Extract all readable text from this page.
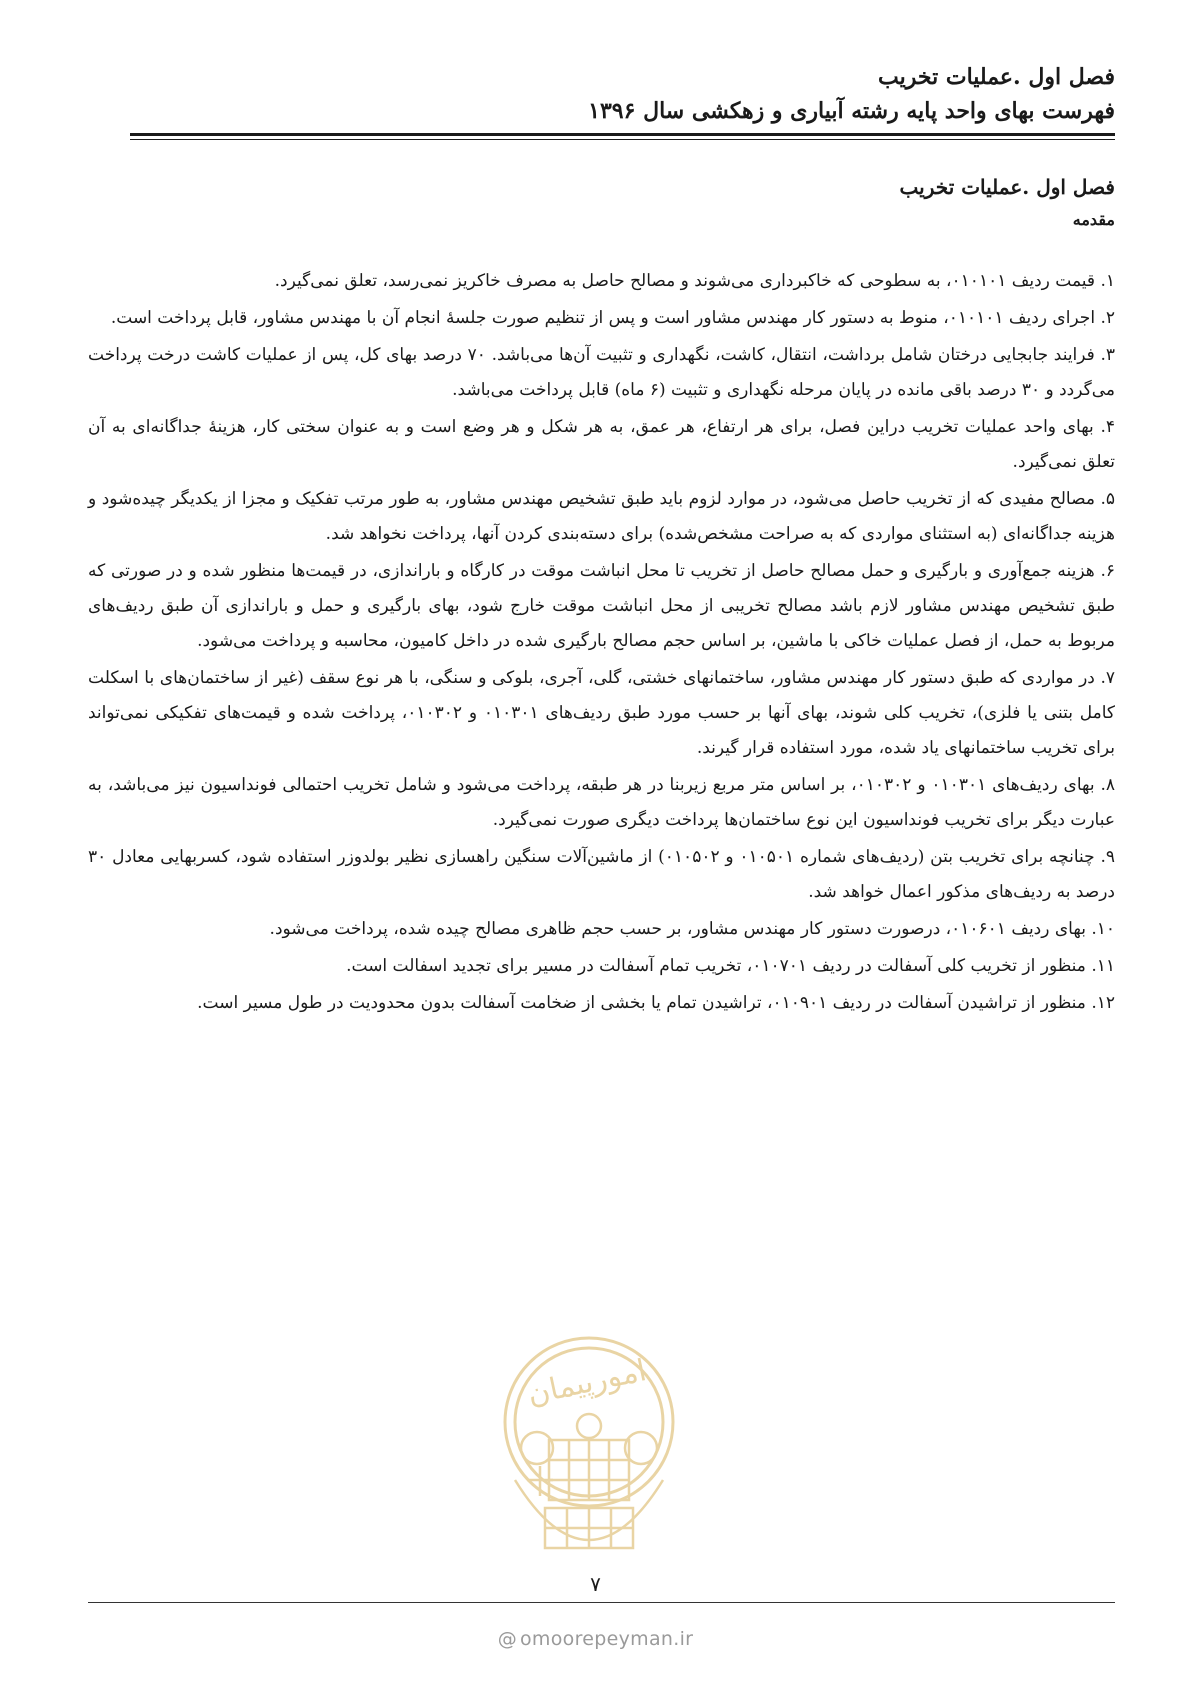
فصل اول .عملیات تخریب
فهرست بهای واحد پایه رشته آبیاری و زهکشی سال ۱۳۹۶
فصل اول .عملیات تخریب
مقدمه

۱. قیمت ردیف ۰۱۰۱۰۱، به سطوحی که خاکبرداری می‌شوند و مصالح حاصل به مصرف خاکریز نمی‌رسد، تعلق نمی‌گیرد.

۲. اجرای ردیف ۰۱۰۱۰۱، منوط به دستور کار مهندس مشاور است و پس از تنظیم صورت جلسهٔ انجام آن با مهندس مشاور، قابل پرداخت است.

۳. فرایند جابجایی درختان شامل برداشت، انتقال، کاشت، نگهداری و تثبیت آن‌ها می‌باشد. ۷۰ درصد بهای کل، پس از عملیات کاشت درخت پرداخت می‌گردد و ۳۰ درصد باقی مانده در پایان مرحله نگهداری و تثبیت (۶ ماه) قابل پرداخت می‌باشد.

۴. بهای واحد عملیات تخریب دراین فصل، برای هر ارتفاع، هر عمق، به هر شکل و هر وضع است و به عنوان سختی کار، هزینهٔ جداگانه‌ای به آن تعلق نمی‌گیرد.

۵. مصالح مفیدی که از تخریب حاصل می‌شود، در موارد لزوم باید طبق تشخیص مهندس مشاور، به طور مرتب تفکیک و مجزا از یکدیگر چیده‌شود و هزینه جداگانه‌ای (به استثنای مواردی که به صراحت مشخص‌شده) برای دسته‌بندی کردن آنها، پرداخت نخواهد شد.

۶. هزینه جمع‌آوری و بارگیری و حمل مصالح حاصل از تخریب تا محل انباشت موقت در کارگاه و باراندازی، در قیمت‌ها منظور شده و در صورتی که طبق تشخیص مهندس مشاور لازم باشد مصالح تخریبی از محل انباشت موقت خارج شود، بهای بارگیری و حمل و باراندازی آن طبق ردیف‌های مربوط به حمل، از فصل عملیات خاکی با ماشین، بر اساس حجم مصالح بارگیری شده در داخل کامیون، محاسبه و پرداخت می‌شود.

۷. در مواردی که طبق دستور کار مهندس مشاور، ساختمانهای خشتی، گلی، آجری، بلوکی و سنگی، با هر نوع سقف (غیر از ساختمان‌های با اسکلت کامل بتنی یا فلزی)، تخریب کلی شوند، بهای آنها بر حسب مورد طبق ردیف‌های ۰۱۰۳۰۱ و ۰۱۰۳۰۲، پرداخت شده و قیمت‌های تفکیکی نمی‌تواند برای تخریب ساختمانهای یاد شده، مورد استفاده قرار گیرند.

۸. بهای ردیف‌های ۰۱۰۳۰۱ و ۰۱۰۳۰۲، بر اساس متر مربع زیربنا در هر طبقه، پرداخت می‌شود و شامل تخریب احتمالی فونداسیون نیز می‌باشد، به عبارت دیگر برای تخریب فونداسیون این نوع ساختمان‌ها پرداخت دیگری صورت نمی‌گیرد.

۹. چنانچه برای تخریب بتن (ردیف‌های شماره ۰۱۰۵۰۱ و ۰۱۰۵۰۲) از ماشین‌آلات سنگین راهسازی نظیر بولدوزر استفاده شود، کسربهایی معادل ۳۰ درصد به ردیف‌های مذکور اعمال خواهد شد.

۱۰. بهای ردیف ۰۱۰۶۰۱، درصورت دستور کار مهندس مشاور، بر حسب حجم ظاهری مصالح چیده شده، پرداخت می‌شود.

۱۱. منظور از تخریب کلی آسفالت در ردیف ۰۱۰۷۰۱، تخریب تمام آسفالت در مسیر برای تجدید اسفالت است.

۱۲. منظور از تراشیدن آسفالت در ردیف ۰۱۰۹۰۱، تراشیدن تمام یا بخشی از ضخامت آسفالت بدون محدودیت در طول مسیر است.

امورپیمان
۷
@ omoorepeyman.ir
